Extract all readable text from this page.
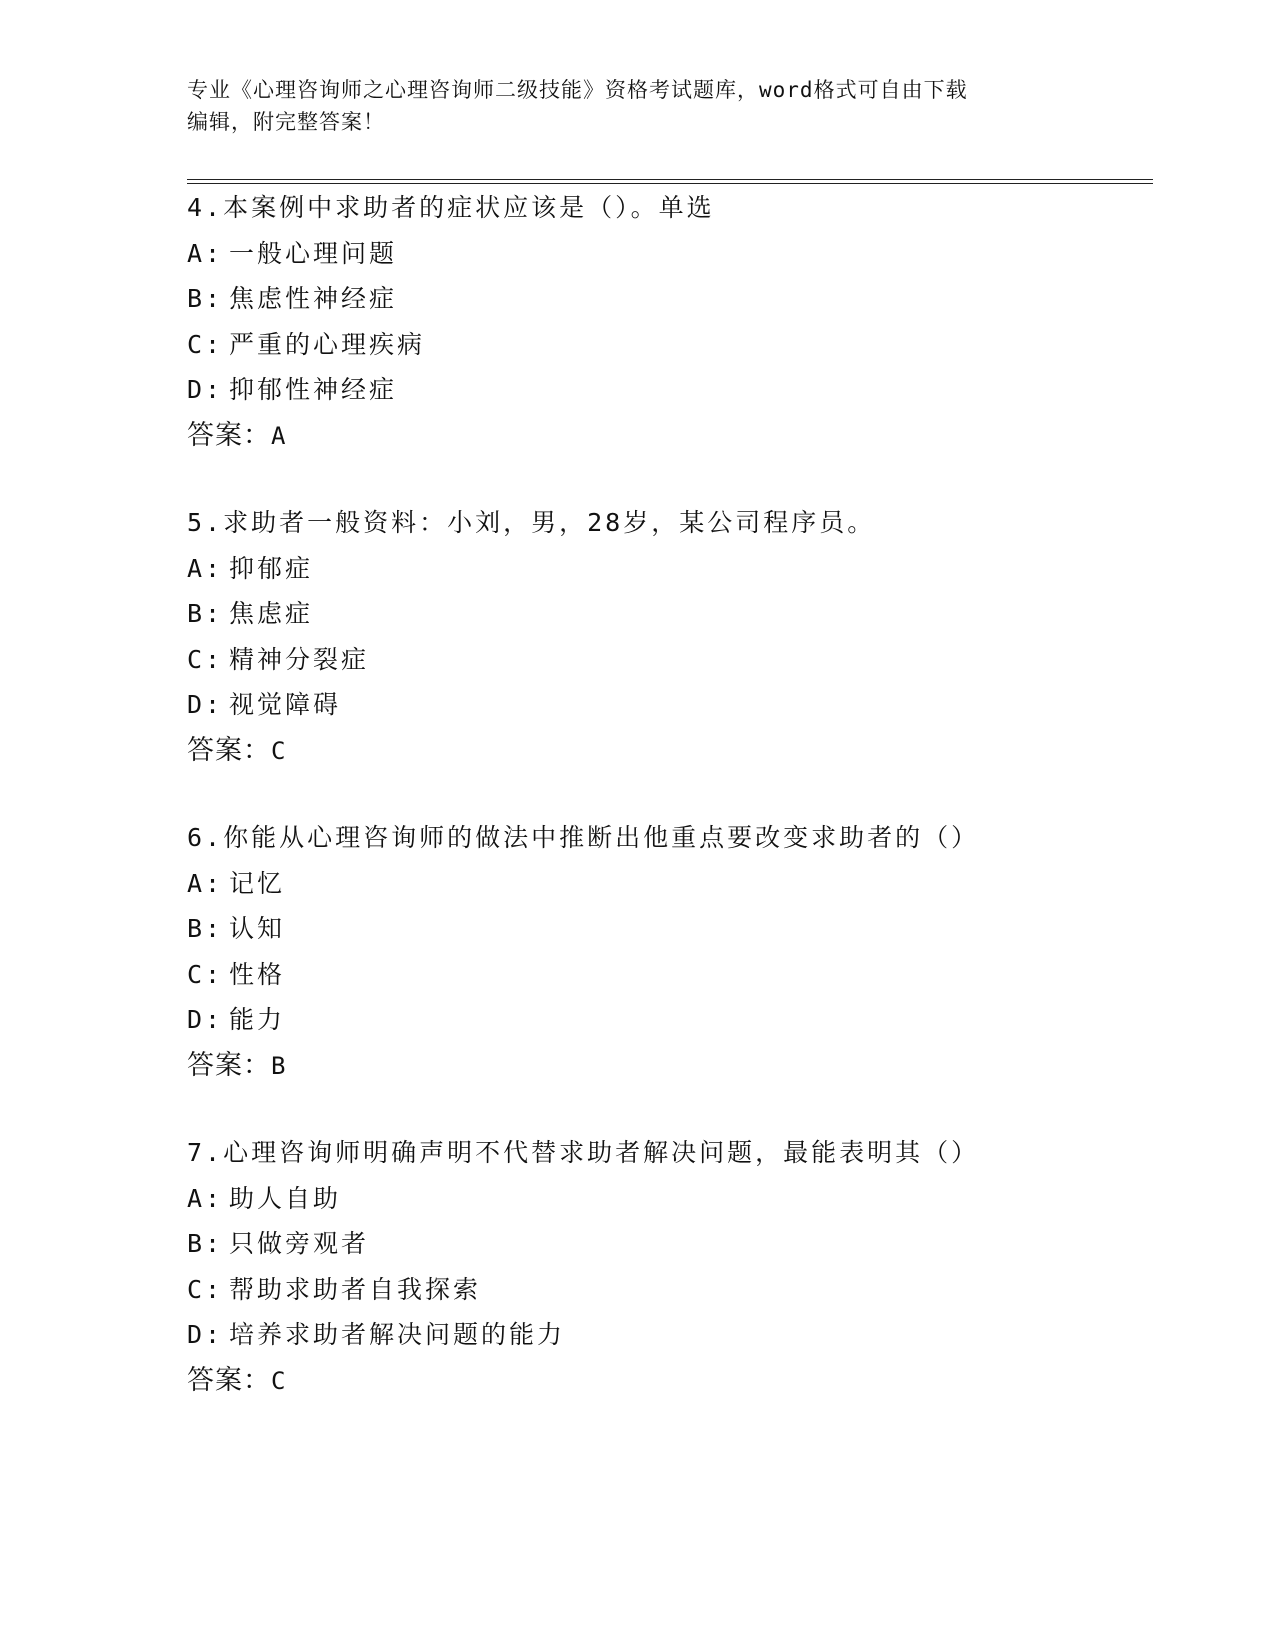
专业《心理咨询师之心理咨询师二级技能》资格考试题库，word格式可自由下载
编辑，附完整答案！
4.本案例中求助者的症状应该是（）。单选
A: 一般心理问题
B: 焦虑性神经症
C: 严重的心理疾病
D: 抑郁性神经症
答案：A
5.求助者一般资料：小刘，男，28岁，某公司程序员。
A: 抑郁症
B: 焦虑症
C: 精神分裂症
D: 视觉障碍
答案：C
6.你能从心理咨询师的做法中推断出他重点要改变求助者的（）
A: 记忆
B: 认知
C: 性格
D: 能力
答案：B
7.心理咨询师明确声明不代替求助者解决问题，最能表明其（）
A: 助人自助
B: 只做旁观者
C: 帮助求助者自我探索
D: 培养求助者解决问题的能力
答案：C
